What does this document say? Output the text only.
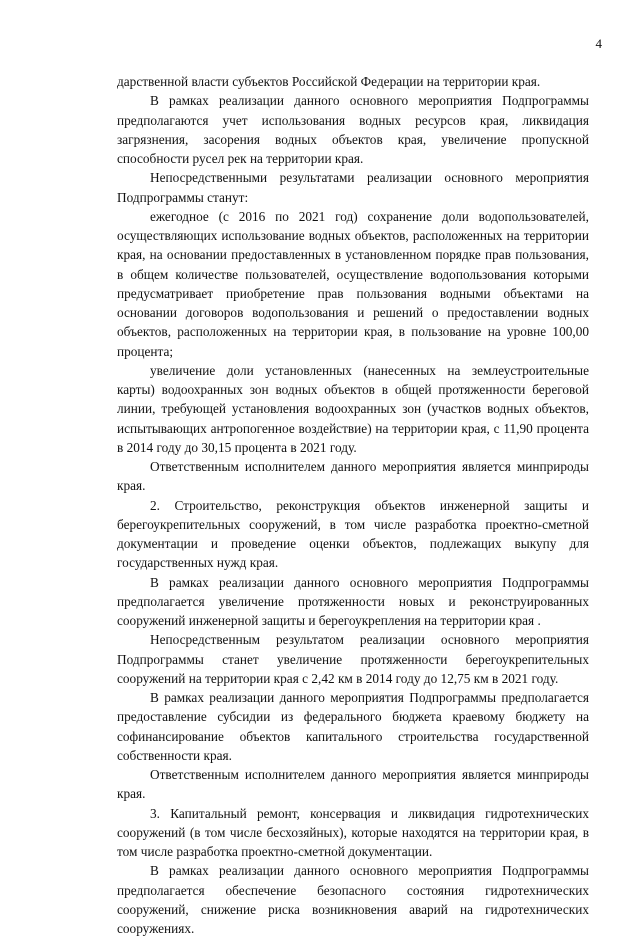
4

дарственной власти субъектов Российской Федерации на территории края.

В рамках реализации данного основного мероприятия Подпрограммы предполагаются учет использования водных ресурсов края, ликвидация загрязнения, засорения водных объектов края, увеличение пропускной способности русел рек на территории края.

Непосредственными результатами реализации основного мероприятия Подпрограммы станут:

ежегодное (с 2016 по 2021 год) сохранение доли водопользователей, осуществляющих использование водных объектов, расположенных на территории края, на основании предоставленных в установленном порядке прав пользования, в общем количестве пользователей, осуществление водопользования которыми предусматривает приобретение прав пользования водными объектами на основании договоров водопользования и решений о предоставлении водных объектов, расположенных на территории края, в пользование на уровне 100,00 процента;

увеличение доли установленных (нанесенных на землеустроительные карты) водоохранных зон водных объектов в общей протяженности береговой линии, требующей установления водоохранных зон (участков водных объектов, испытывающих антропогенное воздействие) на территории края, с 11,90 процента в 2014 году до 30,15 процента в 2021 году.

Ответственным исполнителем данного мероприятия является минприроды края.

2. Строительство, реконструкция объектов инженерной защиты и берегоукрепительных сооружений, в том числе разработка проектно-сметной документации и проведение оценки объектов, подлежащих выкупу для государственных нужд края.

В рамках реализации данного основного мероприятия Подпрограммы предполагается увеличение протяженности новых и реконструированных сооружений инженерной защиты и берегоукрепления на территории края .

Непосредственным результатом реализации основного мероприятия Подпрограммы станет увеличение протяженности берегоукрепительных сооружений на территории края с 2,42 км в 2014 году до 12,75 км в 2021 году.

В рамках реализации данного мероприятия Подпрограммы предполагается предоставление субсидии из федерального бюджета краевому бюджету на софинансирование объектов капитального строительства государственной собственности края.

Ответственным исполнителем данного мероприятия является минприроды края.

3. Капитальный ремонт, консервация и ликвидация гидротехнических сооружений (в том числе бесхозяйных), которые находятся на территории края, в том числе разработка проектно-сметной документации.

В рамках реализации данного основного мероприятия Подпрограммы предполагается обеспечение безопасного состояния гидротехнических сооружений, снижение риска возникновения аварий на гидротехнических сооружениях.
